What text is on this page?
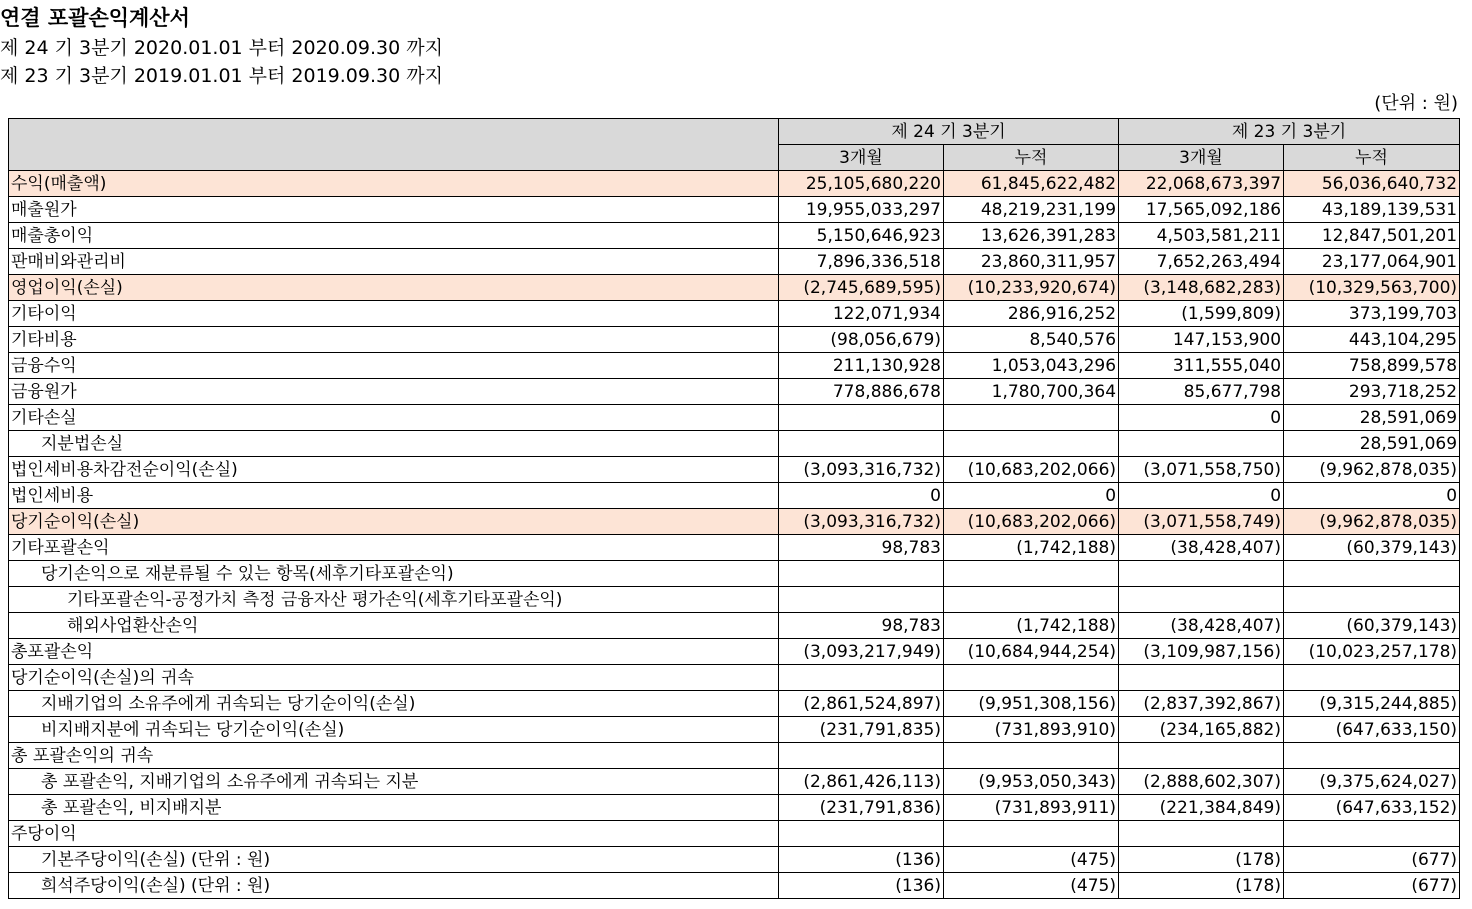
연결 포괄손익계산서
제 24 기 3분기 2020.01.01 부터 2020.09.30 까지
제 23 기 3분기 2019.01.01 부터 2019.09.30 까지
(단위 : 원)
	제 24 기 3분기		제 23 기 3분기	
	3개월	누적	3개월	누적
수익(매출액)	25,105,680,220	61,845,622,482	22,068,673,397	56,036,640,732
매출원가	19,955,033,297	48,219,231,199	17,565,092,186	43,189,139,531
매출총이익	5,150,646,923	13,626,391,283	4,503,581,211	12,847,501,201
판매비와관리비	7,896,336,518	23,860,311,957	7,652,263,494	23,177,064,901
영업이익(손실)	(2,745,689,595)	(10,233,920,674)	(3,148,682,283)	(10,329,563,700)
기타이익	122,071,934	286,916,252	(1,599,809)	373,199,703
기타비용	(98,056,679)	8,540,576	147,153,900	443,104,295
금융수익	211,130,928	1,053,043,296	311,555,040	758,899,578
금융원가	778,886,678	1,780,700,364	85,677,798	293,718,252
기타손실			0	28,591,069
지분법손실				28,591,069
법인세비용차감전순이익(손실)	(3,093,316,732)	(10,683,202,066)	(3,071,558,750)	(9,962,878,035)
법인세비용	0	0	0	0
당기순이익(손실)	(3,093,316,732)	(10,683,202,066)	(3,071,558,749)	(9,962,878,035)
기타포괄손익	98,783	(1,742,188)	(38,428,407)	(60,379,143)
당기손익으로 재분류될 수 있는 항목(세후기타포괄손익)				
기타포괄손익-공정가치 측정 금융자산 평가손익(세후기타포괄손익)				
해외사업환산손익	98,783	(1,742,188)	(38,428,407)	(60,379,143)
총포괄손익	(3,093,217,949)	(10,684,944,254)	(3,109,987,156)	(10,023,257,178)
당기순이익(손실)의 귀속				
지배기업의 소유주에게 귀속되는 당기순이익(손실)	(2,861,524,897)	(9,951,308,156)	(2,837,392,867)	(9,315,244,885)
비지배지분에 귀속되는 당기순이익(손실)	(231,791,835)	(731,893,910)	(234,165,882)	(647,633,150)
총 포괄손익의 귀속				
총 포괄손익, 지배기업의 소유주에게 귀속되는 지분	(2,861,426,113)	(9,953,050,343)	(2,888,602,307)	(9,375,624,027)
총 포괄손익, 비지배지분	(231,791,836)	(731,893,911)	(221,384,849)	(647,633,152)
주당이익				
기본주당이익(손실) (단위 : 원)	(136)	(475)	(178)	(677)
희석주당이익(손실) (단위 : 원)	(136)	(475)	(178)	(677)
